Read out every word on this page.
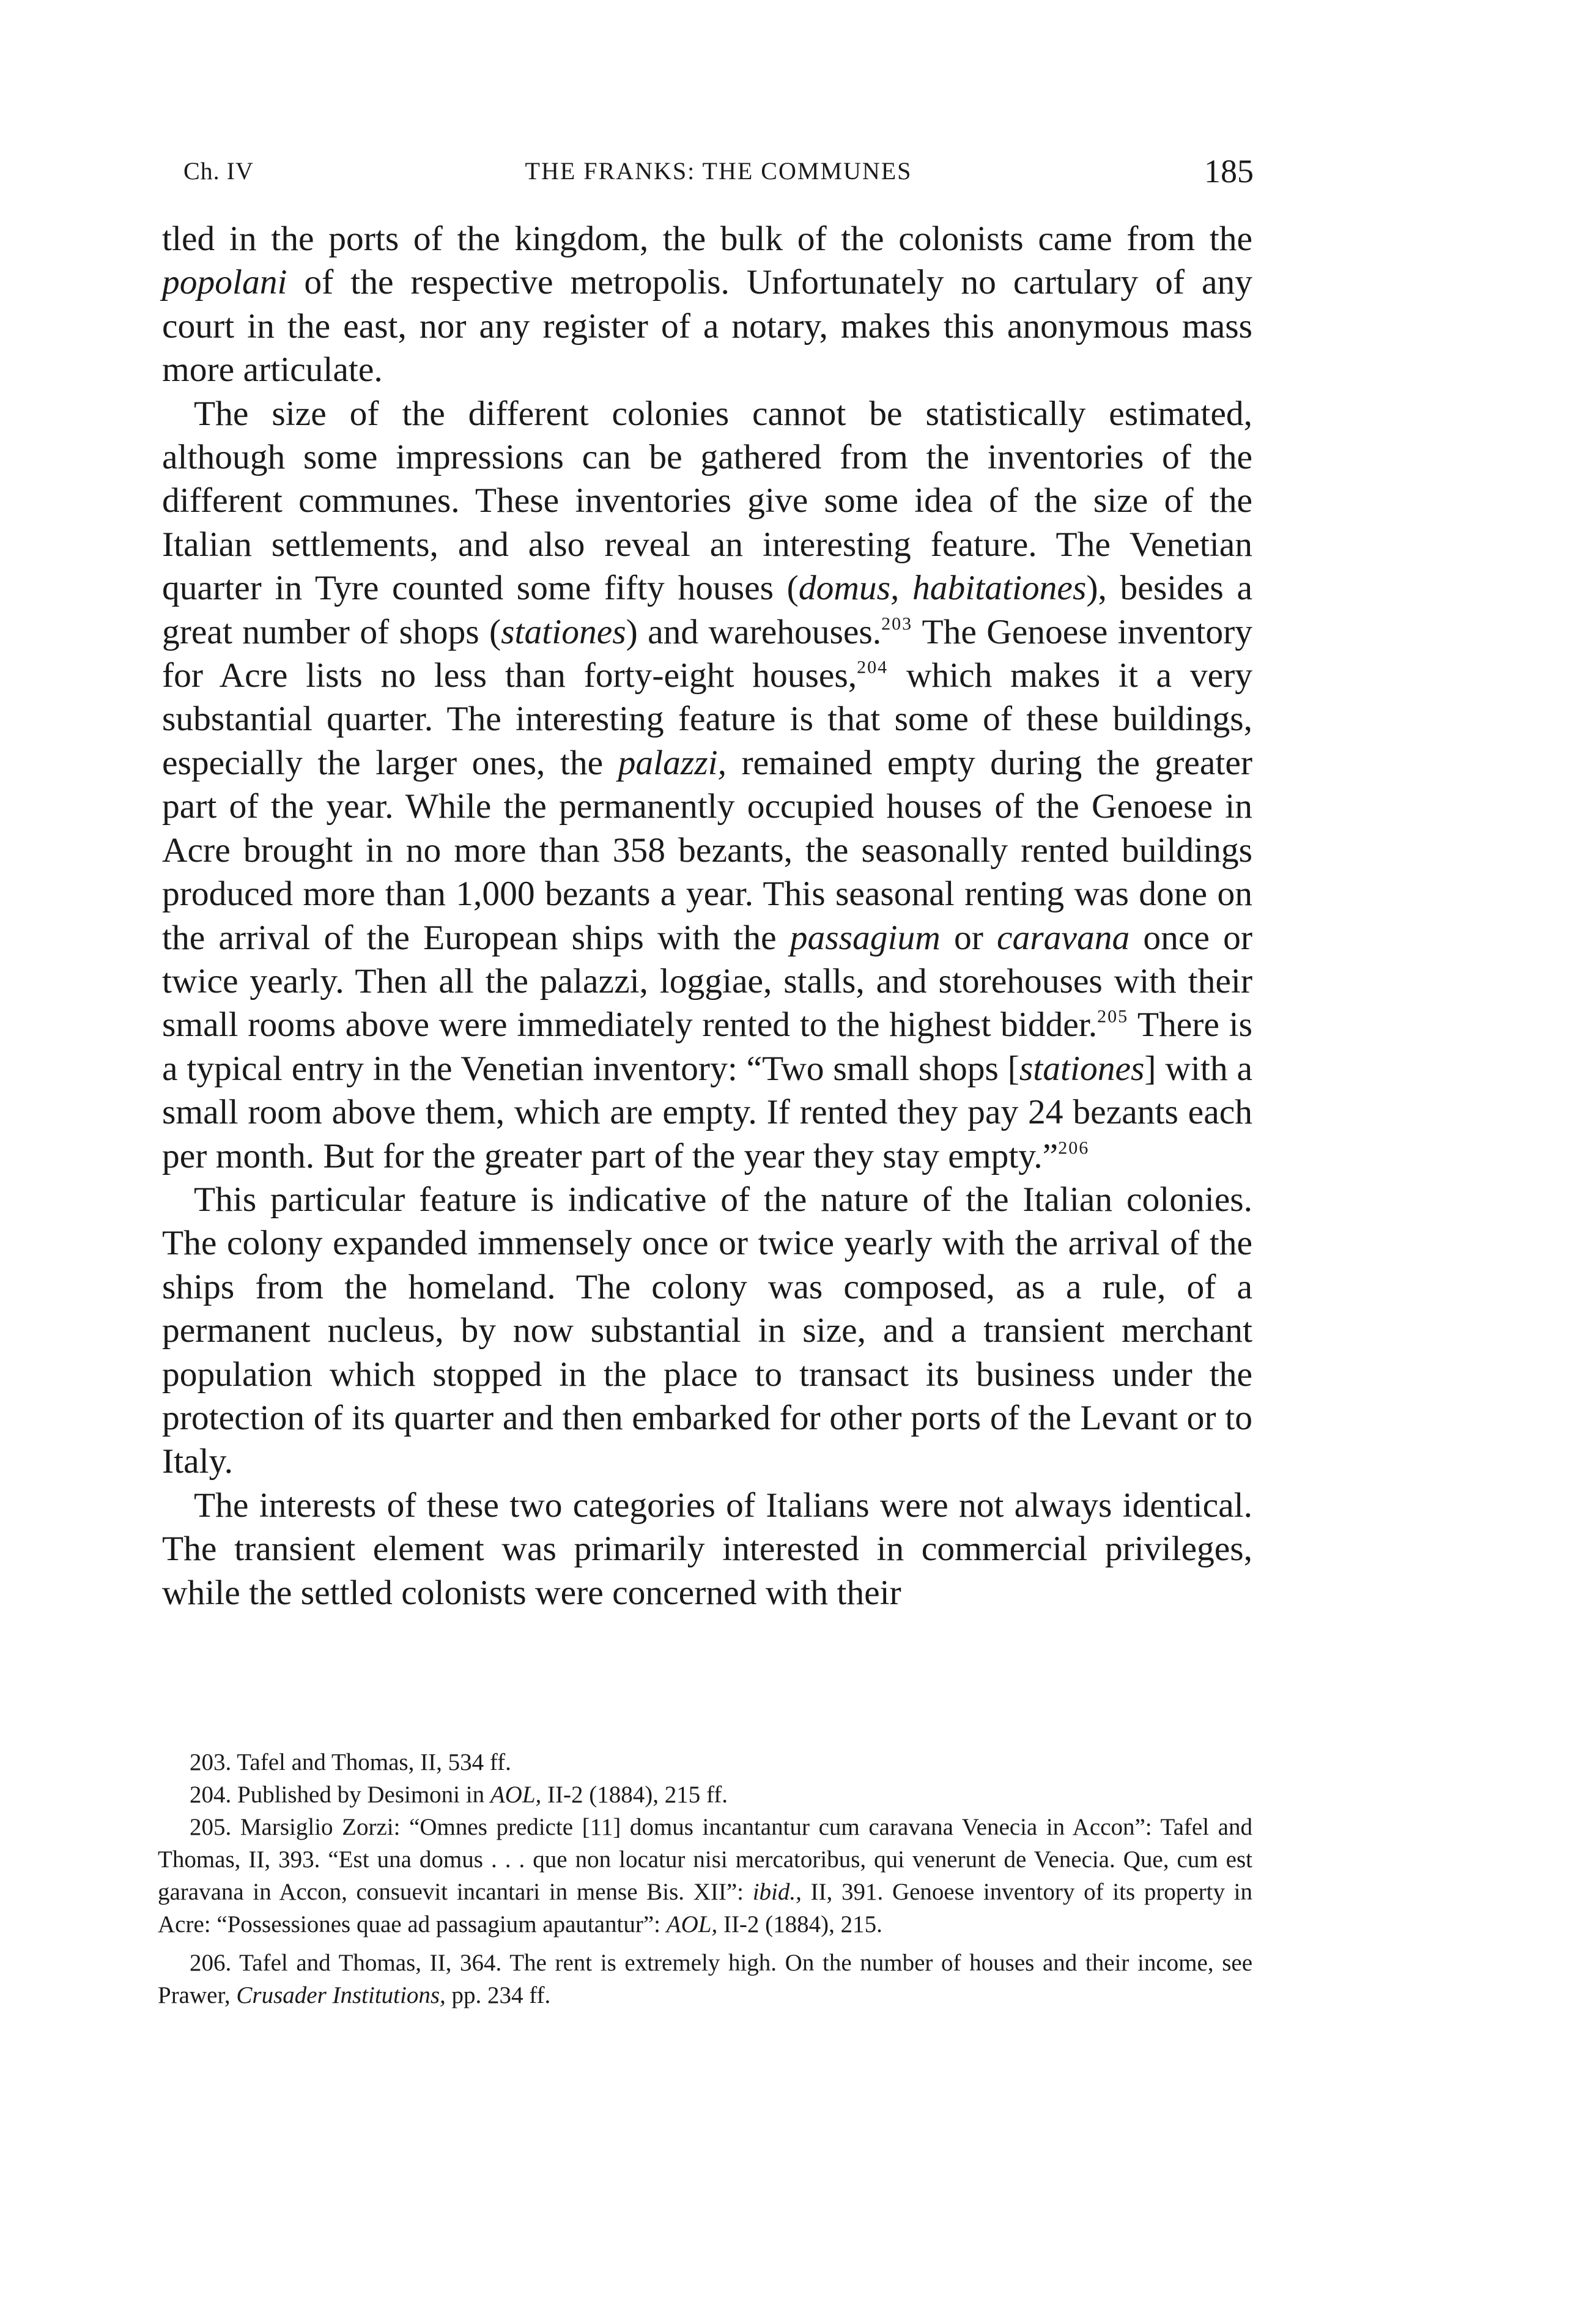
Ch. IV	THE FRANKS: THE COMMUNES	185

tled in the ports of the kingdom, the bulk of the colonists came from the popolani of the respective metropolis. Unfortunately no cartulary of any court in the east, nor any register of a notary, makes this anonymous mass more articulate.

The size of the different colonies cannot be statistically estimated, although some impressions can be gathered from the inventories of the different communes. These inventories give some idea of the size of the Italian settlements, and also reveal an interesting feature. The Venetian quarter in Tyre counted some fifty houses (domus, habitationes), besides a great number of shops (stationes) and warehouses.$^{203}$ The Genoese inventory for Acre lists no less than forty-eight houses,$^{204}$ which makes it a very substantial quarter. The interesting feature is that some of these buildings, especially the larger ones, the palazzi, remained empty during the greater part of the year. While the permanently occupied houses of the Genoese in Acre brought in no more than 358 bezants, the seasonally rented buildings produced more than 1,000 bezants a year. This seasonal renting was done on the arrival of the European ships with the passagium or caravana once or twice yearly. Then all the palazzi, loggiae, stalls, and storehouses with their small rooms above were immediately rented to the highest bidder.$^{205}$ There is a typical entry in the Venetian inventory: “Two small shops [stationes] with a small room above them, which are empty. If rented they pay 24 bezants each per month. But for the greater part of the year they stay empty.”$^{206}$

This particular feature is indicative of the nature of the Italian colonies. The colony expanded immensely once or twice yearly with the arrival of the ships from the homeland. The colony was composed, as a rule, of a permanent nucleus, by now substantial in size, and a transient merchant population which stopped in the place to transact its business under the protection of its quarter and then embarked for other ports of the Levant or to Italy.

The interests of these two categories of Italians were not always identical. The transient element was primarily interested in commercial privileges, while the settled colonists were concerned with their

203. Tafel and Thomas, II, 534 ff.

204. Published by Desimoni in AOL, II-2 (1884), 215 ff.

205. Marsiglio Zorzi: “Omnes predicte [11] domus incantantur cum caravana Venecia in Accon”: Tafel and Thomas, II, 393. “Est una domus . . . que non locatur nisi mercatoribus, qui venerunt de Venecia. Que, cum est garavana in Accon, consuevit incantari in mense Bis. XII”: ibid., II, 391. Genoese inventory of its property in Acre: “Possessiones quae ad passagium apautantur”: AOL, II-2 (1884), 215.

206. Tafel and Thomas, II, 364. The rent is extremely high. On the number of houses and their income, see Prawer, Crusader Institutions, pp. 234 ff.
